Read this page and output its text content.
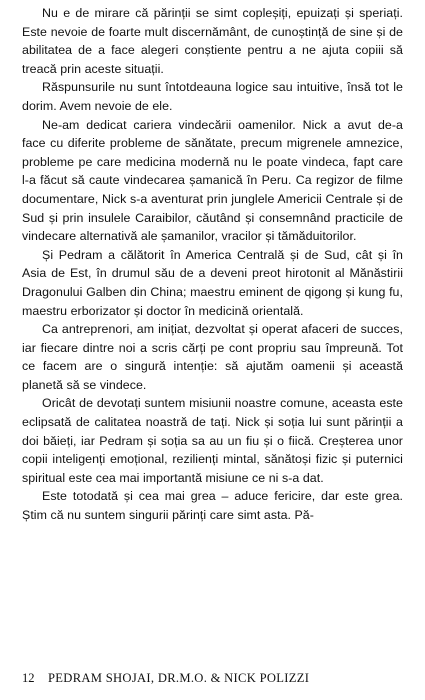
Nu e de mirare că părinții se simt copleșiți, epuizați și speriați. Este nevoie de foarte mult discernământ, de cunoștință de sine și de abilitatea de a face alegeri conștiente pentru a ne ajuta copiii să treacă prin aceste situații.

Răspunsurile nu sunt întotdeauna logice sau intuitive, însă tot le dorim. Avem nevoie de ele.

Ne-am dedicat cariera vindecării oamenilor. Nick a avut de-a face cu diferite probleme de sănătate, precum migrenele amnezice, probleme pe care medicina modernă nu le poate vindeca, fapt care l-a făcut să caute vindecarea șamanică în Peru. Ca regizor de filme documentare, Nick s-a aventurat prin junglele Americii Centrale și de Sud și prin insulele Caraibilor, căutând și consemnând practicile de vindecare alternativă ale șamanilor, vracilor și tămăduitorilor.

Și Pedram a călătorit în America Centrală și de Sud, cât și în Asia de Est, în drumul său de a deveni preot hirotonit al Mănăstirii Dragonului Galben din China; maestru eminent de qigong și kung fu, maestru erborizator și doctor în medicină orientală.

Ca antreprenori, am inițiat, dezvoltat și operat afaceri de succes, iar fiecare dintre noi a scris cărți pe cont propriu sau împreună. Tot ce facem are o singură intenție: să ajutăm oamenii și această planetă să se vindece.

Oricât de devotați suntem misiunii noastre comune, aceasta este eclipsată de calitatea noastră de tați. Nick și soția lui sunt părinții a doi băieți, iar Pedram și soția sa au un fiu și o fiică. Creșterea unor copii inteligenți emoțional, rezilienți mintal, sănătoși fizic și puternici spiritual este cea mai importantă misiune ce ni s-a dat.

Este totodată și cea mai grea – aduce fericire, dar este grea. Știm că nu suntem singurii părinți care simt asta. Pă-

12	PEDRAM SHOJAI, DR.M.O. & NICK POLIZZI
